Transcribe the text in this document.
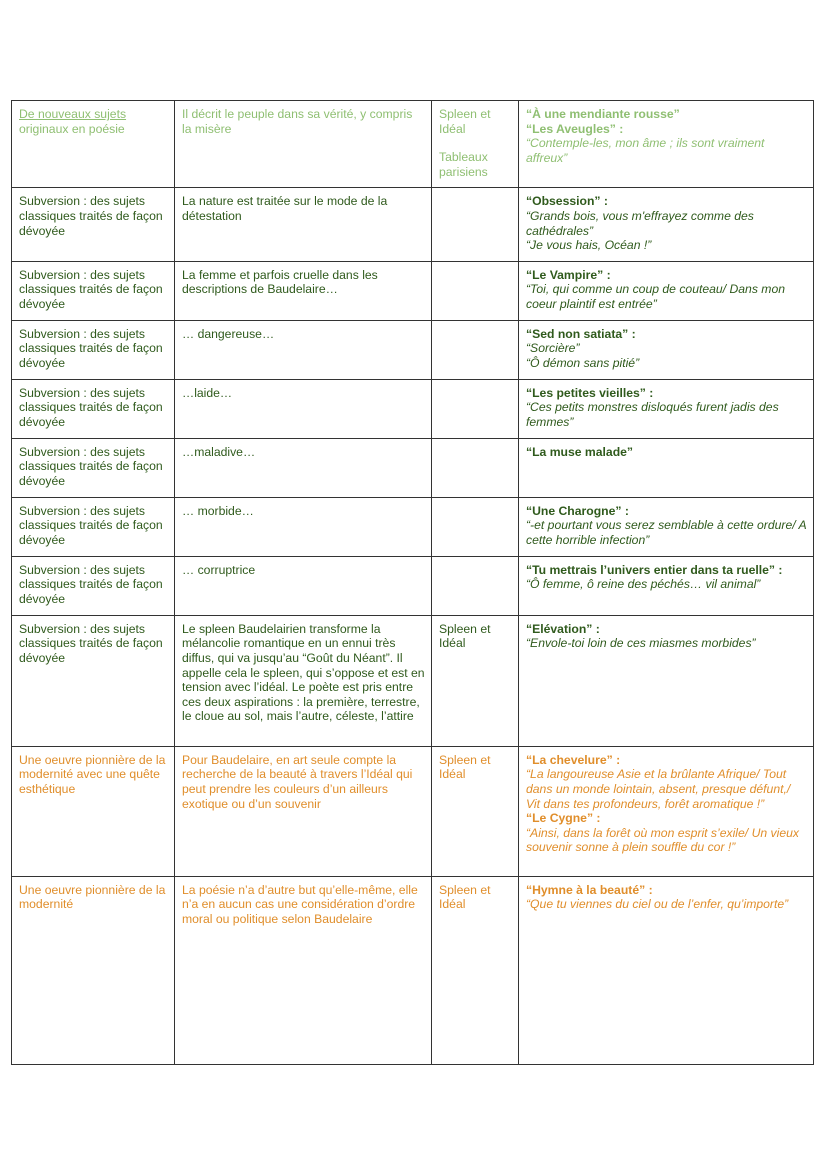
De nouveaux sujets
originaux en poésie	Il décrit le peuple dans sa vérité, y compris la misère	Spleen et Idéal
Tableaux parisiens	“À une mendiante rousse”
“Les Aveugles” :
“Contemple-les, mon âme ; ils sont vraiment affreux”

Subversion : des sujets classiques traités de façon dévoyée	La nature est traitée sur le mode de la détestation		“Obsession” :
“Grands bois, vous m'effrayez comme des cathédrales”
“Je vous hais, Océan !”

Subversion : des sujets classiques traités de façon dévoyée	La femme et parfois cruelle dans les descriptions de Baudelaire…		“Le Vampire” :
“Toi, qui comme un coup de couteau/ Dans mon coeur plaintif est entrée”

Subversion : des sujets classiques traités de façon dévoyée	… dangereuse…		“Sed non satiata” :
“Sorcière”
“Ô démon sans pitié”

Subversion : des sujets classiques traités de façon dévoyée	…laide…		“Les petites vieilles” :
“Ces petits monstres disloqués furent jadis des femmes”

Subversion : des sujets classiques traités de façon dévoyée	…maladive…		“La muse malade”

Subversion : des sujets classiques traités de façon dévoyée	… morbide…		“Une Charogne” :
“-et pourtant vous serez semblable à cette ordure/ A cette horrible infection”

Subversion : des sujets classiques traités de façon dévoyée	… corruptrice		“Tu mettrais l’univers entier dans ta ruelle” :
“Ô femme, ô reine des péchés… vil animal”

Subversion : des sujets classiques traités de façon dévoyée	Le spleen Baudelairien transforme la mélancolie romantique en un ennui très diffus, qui va jusqu’au “Goût du Néant”. Il appelle cela le spleen, qui s’oppose et est en tension avec l’idéal. Le poète est pris entre ces deux aspirations : la première, terrestre, le cloue au sol, mais l’autre, céleste, l’attire	Spleen et Idéal	“Elévation” :
“Envole-toi loin de ces miasmes morbides”

Une oeuvre pionnière de la modernité avec une quête esthétique	Pour Baudelaire, en art seule compte la recherche de la beauté à travers l’Idéal qui peut prendre les couleurs d’un ailleurs exotique ou d’un souvenir	Spleen et Idéal	“La chevelure” :
“La langoureuse Asie et la brûlante Afrique/ Tout dans un monde lointain, absent, presque défunt,/
Vit dans tes profondeurs, forêt aromatique !”
“Le Cygne” :
“Ainsi, dans la forêt où mon esprit s’exile/ Un vieux souvenir sonne à plein souffle du cor !”

Une oeuvre pionnière de la modernité	La poésie n’a d’autre but qu’elle-même, elle n’a en aucun cas une considération d’ordre moral ou politique selon Baudelaire	Spleen et Idéal	“Hymne à la beauté” :
“Que tu viennes du ciel ou de l’enfer, qu’importe”
